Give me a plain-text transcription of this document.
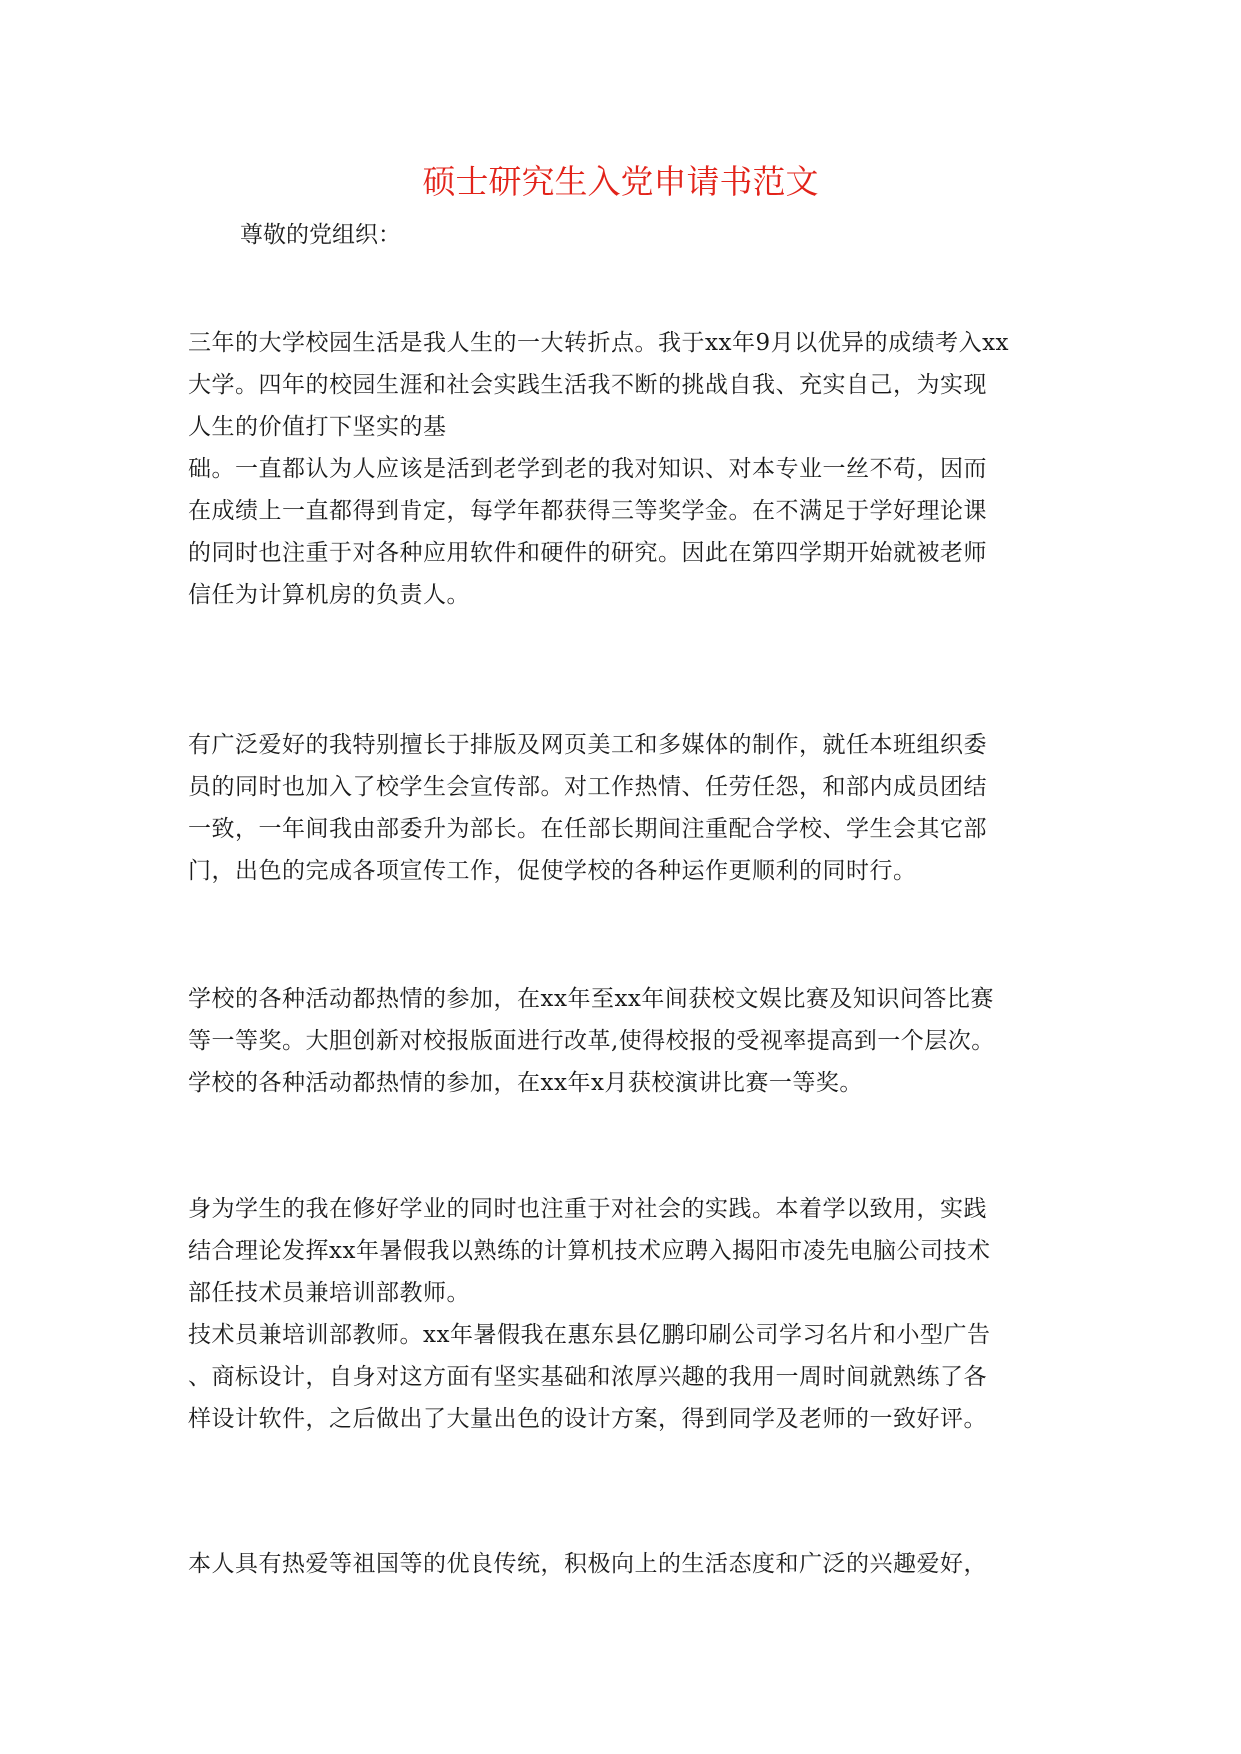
硕士研究生入党申请书范文

尊敬的党组织：

三年的大学校园生活是我人生的一大转折点。我于xx年9月以优异的成绩考入xx
大学。四年的校园生涯和社会实践生活我不断的挑战自我、充实自己，为实现
人生的价值打下坚实的基
础。一直都认为人应该是活到老学到老的我对知识、对本专业一丝不苟，因而
在成绩上一直都得到肯定，每学年都获得三等奖学金。在不满足于学好理论课
的同时也注重于对各种应用软件和硬件的研究。因此在第四学期开始就被老师
信任为计算机房的负责人。

有广泛爱好的我特别擅长于排版及网页美工和多媒体的制作，就任本班组织委
员的同时也加入了校学生会宣传部。对工作热情、任劳任怨，和部内成员团结
一致，一年间我由部委升为部长。在任部长期间注重配合学校、学生会其它部
门，出色的完成各项宣传工作，促使学校的各种运作更顺利的同时行。

学校的各种活动都热情的参加，在xx年至xx年间获校文娱比赛及知识问答比赛
等一等奖。大胆创新对校报版面进行改革,使得校报的受视率提高到一个层次。
学校的各种活动都热情的参加，在xx年x月获校演讲比赛一等奖。

身为学生的我在修好学业的同时也注重于对社会的实践。本着学以致用，实践
结合理论发挥xx年暑假我以熟练的计算机技术应聘入揭阳市凌先电脑公司技术
部任技术员兼培训部教师。
技术员兼培训部教师。xx年暑假我在惠东县亿鹏印刷公司学习名片和小型广告
、商标设计，自身对这方面有坚实基础和浓厚兴趣的我用一周时间就熟练了各
样设计软件，之后做出了大量出色的设计方案，得到同学及老师的一致好评。

本人具有热爱等祖国等的优良传统，积极向上的生活态度和广泛的兴趣爱好，
